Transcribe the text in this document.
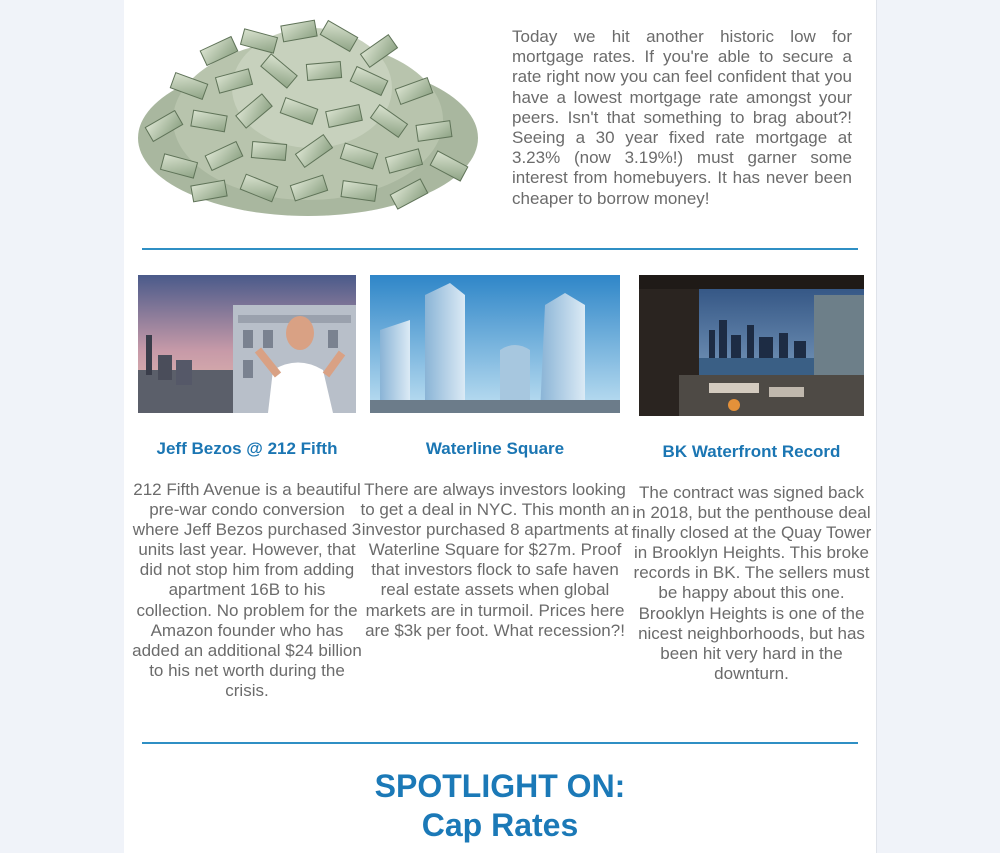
Today we hit another historic low for mortgage rates. If you're able to secure a rate right now you can feel confident that you have a lowest mortgage rate amongst your peers. Isn't that something to brag about?! Seeing a 30 year fixed rate mortgage at 3.23% (now 3.19%!) must garner some interest from homebuyers. It has never been cheaper to borrow money!

Jeff Bezos @ 212 Fifth

212 Fifth Avenue is a beautiful pre-war condo conversion where Jeff Bezos purchased 3 units last year. However, that did not stop him from adding apartment 16B to his collection. No problem for the Amazon founder who has added an additional $24 billion to his net worth during the crisis.

Waterline Square

There are always investors looking to get a deal in NYC. This month an investor purchased 8 apartments at Waterline Square for $27m. Proof that investors flock to safe haven real estate assets when global markets are in turmoil. Prices here are $3k per foot. What recession?!

BK Waterfront Record

The contract was signed back in 2018, but the penthouse deal finally closed at the Quay Tower in Brooklyn Heights. This broke records in BK. The sellers must be happy about this one. Brooklyn Heights is one of the nicest neighborhoods, but has been hit very hard in the downturn.

SPOTLIGHT ON:
Cap Rates
